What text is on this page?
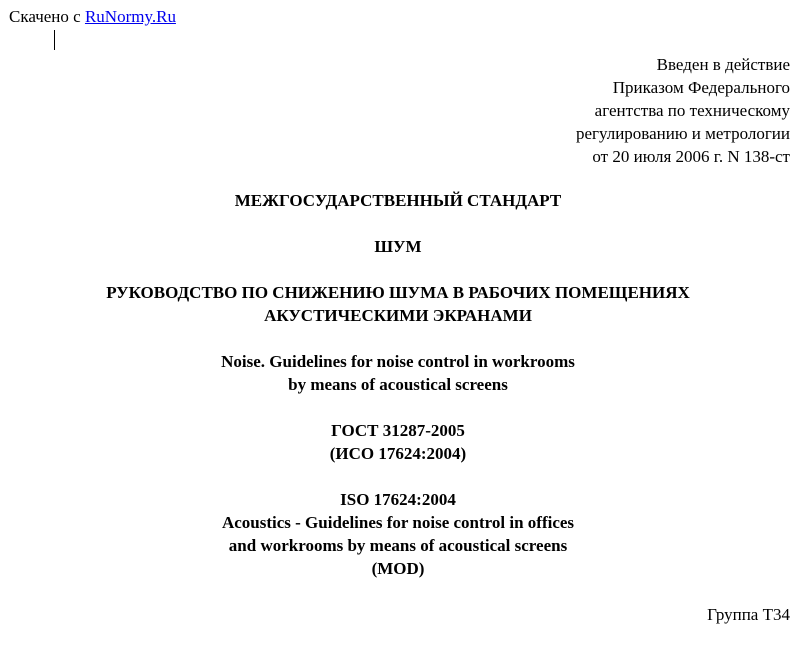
Скачено с RuNormy.Ru
Введен в действие
Приказом Федерального
агентства по техническому
регулированию и метрологии
от 20 июля 2006 г. N 138-ст
МЕЖГОСУДАРСТВЕННЫЙ СТАНДАРТ
ШУМ
РУКОВОДСТВО ПО СНИЖЕНИЮ ШУМА В РАБОЧИХ ПОМЕЩЕНИЯХ
АКУСТИЧЕСКИМИ ЭКРАНАМИ
Noise. Guidelines for noise control in workrooms
by means of acoustical screens
ГОСТ 31287-2005
(ИСО 17624:2004)
ISO 17624:2004
Acoustics - Guidelines for noise control in offices
and workrooms by means of acoustical screens
(MOD)
Группа Т34
